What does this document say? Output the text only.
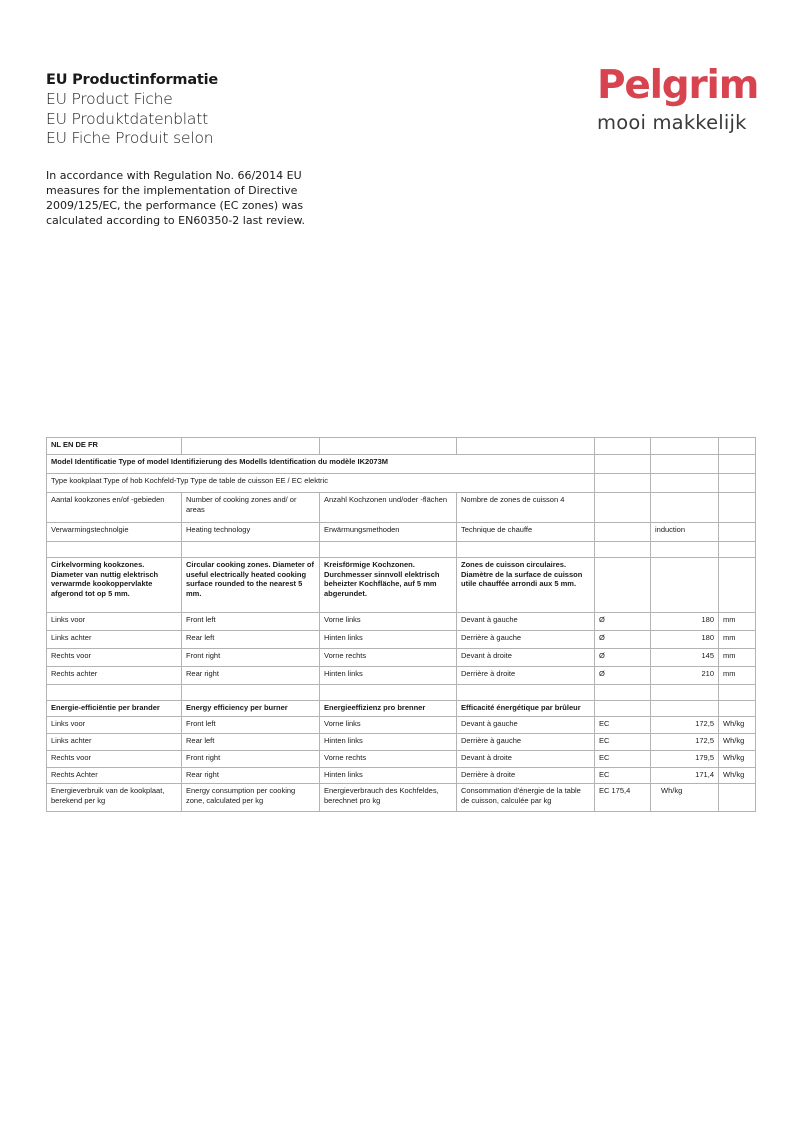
EU Productinformatie
EU Product Fiche
EU Produktdatenblatt
EU Fiche Produit selon
In accordance with Regulation No. 66/2014 EU measures for the implementation of Directive 2009/125/EC, the performance (EC zones) was calculated according to EN60350-2 last review.
Pelgrim
mooi makkelijk
NL EN DE FR						
Model Identificatie Type of model Identifizierung des Modells Identification du modèle IK2073M						
Type kookplaat Type of hob Kochfeld-Typ Type de table de cuisson EE / EC elektric						
Aantal kookzones en/of -gebieden	Number of cooking zones and/ or areas	Anzahl Kochzonen und/oder -flächen	Nombre de zones de cuisson 4			
Verwarmingstechnolgie	Heating technology	Erwärmungsmethoden	Technique de chauffe		induction	

Cirkelvorming kookzones. Diameter van nuttig elektrisch verwarmde kookoppervlakte afgerond tot op 5 mm.	Circular cooking zones. Diameter of useful electrically heated cooking surface rounded to the nearest 5 mm.	Kreisförmige Kochzonen. Durchmesser sinnvoll elektrisch beheizter Kochfläche, auf 5 mm abgerundet.	Zones de cuisson circulaires. Diamètre de la surface de cuisson utile chauffée arrondi aux 5 mm.			
Links voor	Front left	Vorne links	Devant à gauche	Ø	180	mm
Links achter	Rear left	Hinten links	Derrière à gauche	Ø	180	mm
Rechts voor	Front right	Vorne rechts	Devant à droite	Ø	145	mm
Rechts achter	Rear right	Hinten links	Derrière à droite	Ø	210	mm

Energie-efficiëntie per brander	Energy efficiency per burner	Energieeffizienz pro brenner	Efficacité énergétique par brûleur			
Links voor	Front left	Vorne links	Devant à gauche	EC	172,5	Wh/kg
Links achter	Rear left	Hinten links	Derrière à gauche	EC	172,5	Wh/kg
Rechts voor	Front right	Vorne rechts	Devant à droite	EC	179,5	Wh/kg
Rechts Achter	Rear right	Hinten links	Derrière à droite	EC	171,4	Wh/kg
Energieverbruik van de kookplaat, berekend per kg	Energy consumption per cooking zone, calculated per kg	Energieverbrauch des Kochfeldes, berechnet pro kg	Consommation d'énergie de la table de cuisson, calculée par kg	EC 175,4	Wh/kg	
